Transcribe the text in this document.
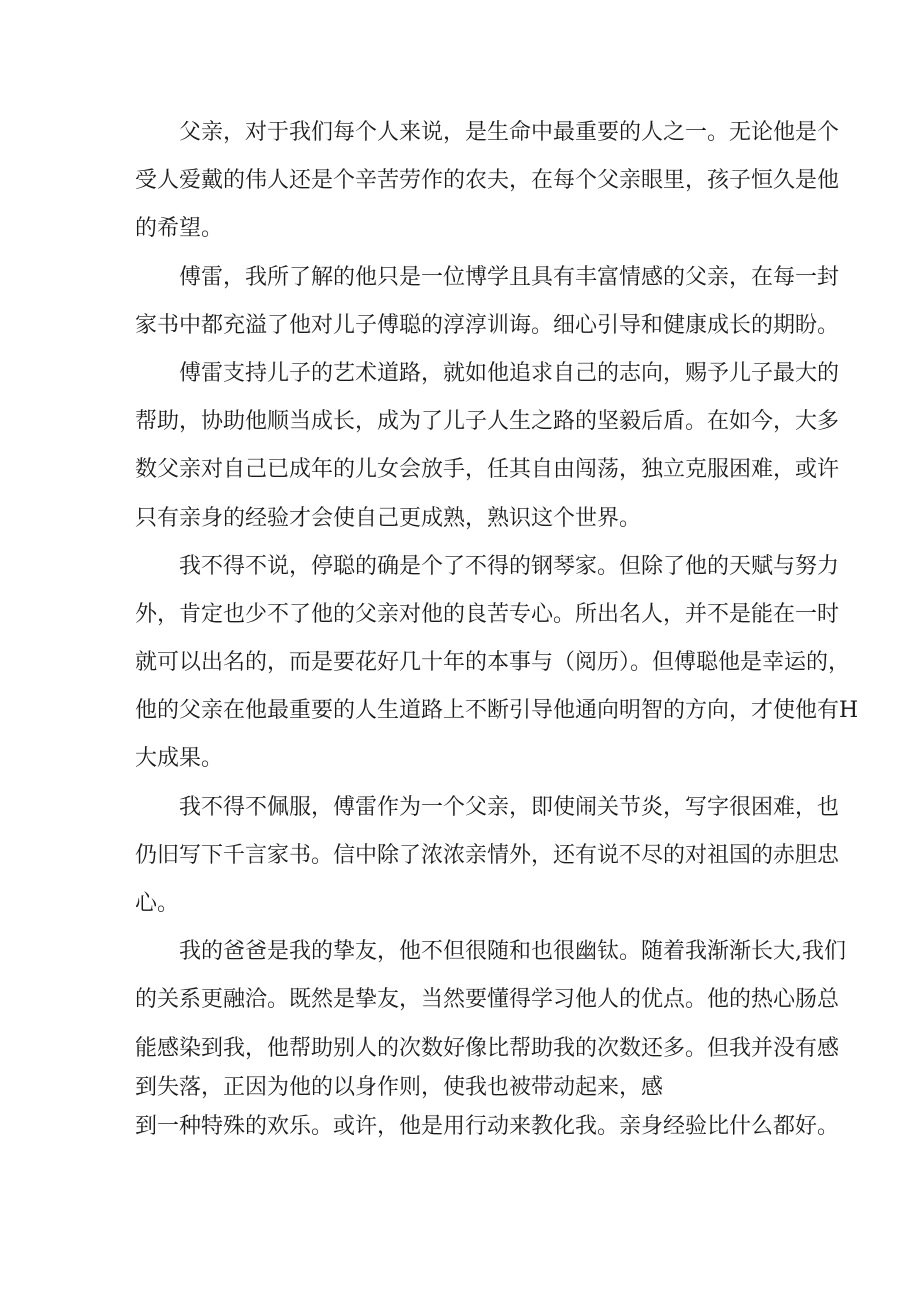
父亲，对于我们每个人来说，是生命中最重要的人之一。无论他是个
受人爱戴的伟人还是个辛苦劳作的农夫，在每个父亲眼里，孩子恒久是他
的希望。
傅雷，我所了解的他只是一位博学且具有丰富情感的父亲，在每一封
家书中都充溢了他对儿子傅聪的淳淳训诲。细心引导和健康成长的期盼。
傅雷支持儿子的艺术道路，就如他追求自己的志向，赐予儿子最大的
帮助，协助他顺当成长，成为了儿子人生之路的坚毅后盾。在如今，大多
数父亲对自己已成年的儿女会放手，任其自由闯荡，独立克服困难，或许
只有亲身的经验才会使自己更成熟，熟识这个世界。
我不得不说，停聪的确是个了不得的钢琴家。但除了他的天赋与努力
外，肯定也少不了他的父亲对他的良苦专心。所出名人，并不是能在一时
就可以出名的，而是要花好几十年的本事与（阅历）。但傅聪他是幸运的，
他的父亲在他最重要的人生道路上不断引导他通向明智的方向，才使他有H
大成果。
我不得不佩服，傅雷作为一个父亲，即使闹关节炎，写字很困难，也
仍旧写下千言家书。信中除了浓浓亲情外，还有说不尽的对祖国的赤胆忠
心。
我的爸爸是我的挚友，他不但很随和也很幽钛。随着我渐渐长大,我们
的关系更融洽。既然是挚友，当然要懂得学习他人的优点。他的热心肠总
能感染到我，他帮助别人的次数好像比帮助我的次数还多。但我并没有感
到失落，正因为他的以身作则，使我也被带动起来，感
到一种特殊的欢乐。或许，他是用行动来教化我。亲身经验比什么都好。
